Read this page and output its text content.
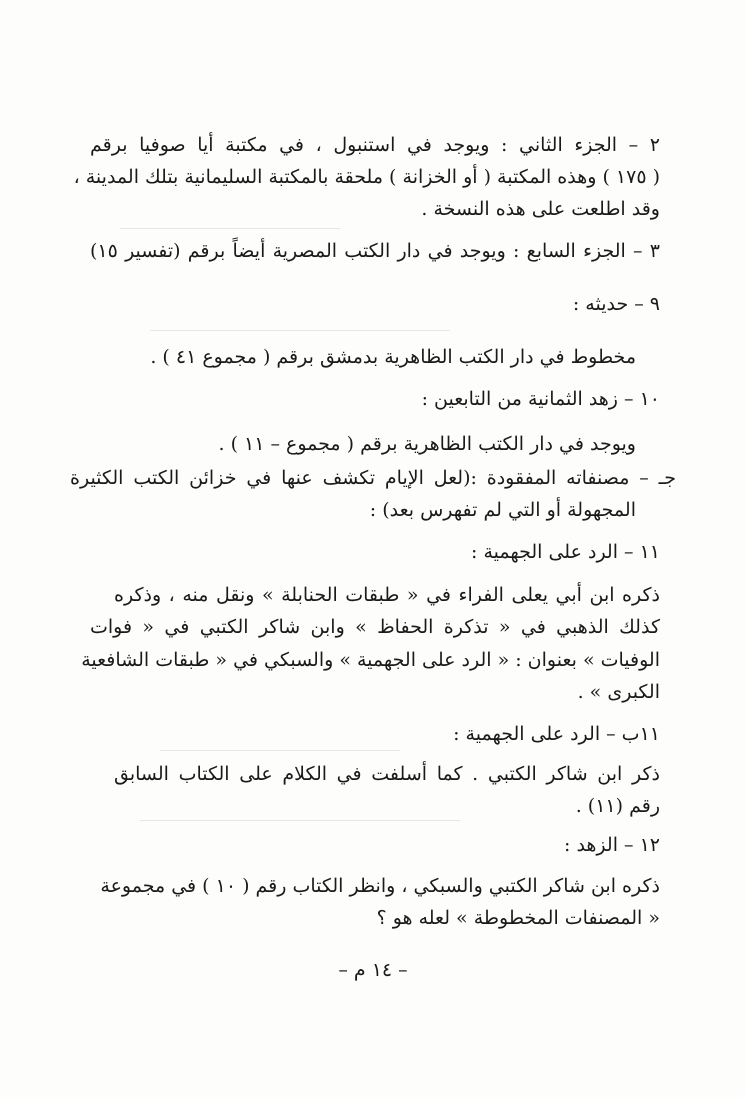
٢ – الجزء الثاني : ويوجد في استنبول ، في مكتبة أيا صوفيا برقم
( ١٧٥ ) وهذه المكتبة ( أو الخزانة ) ملحقة بالمكتبة السليمانية بتلك المدينة ،
وقد اطلعت على هذه النسخة .
٣ – الجزء السابع : ويوجد في دار الكتب المصرية أيضاً برقم (تفسير ١٥)
٩ – حديثه :
مخطوط في دار الكتب الظاهرية بدمشق برقم ( مجموع ٤١ ) .
١٠ – زهد الثمانية من التابعين :
ويوجد في دار الكتب الظاهرية برقم ( مجموع – ١١ ) .
جـ – مصنفاته المفقودة :(لعل الإيام تكشف عنها في خزائن الكتب الكثيرة
المجهولة أو التي لم تفهرس بعد) :
١١ – الرد على الجهمية :
ذكره ابن أبي يعلى الفراء في « طبقات الحنابلة » ونقل منه ، وذكره
كذلك الذهبي في « تذكرة الحفاظ » وابن شاكر الكتبي في « فوات
الوفيات » بعنوان : « الرد على الجهمية » والسبكي في « طبقات الشافعية
الكبرى » .
١١ب – الرد على الجهمية :
ذكر ابن شاكر الكتبي . كما أسلفت في الكلام على الكتاب السابق
رقم (١١) .
١٢ – الزهد :
ذكره ابن شاكر الكتبي والسبكي ، وانظر الكتاب رقم ( ١٠ ) في مجموعة
« المصنفات المخطوطة » لعله هو ؟
– ١٤ م –
